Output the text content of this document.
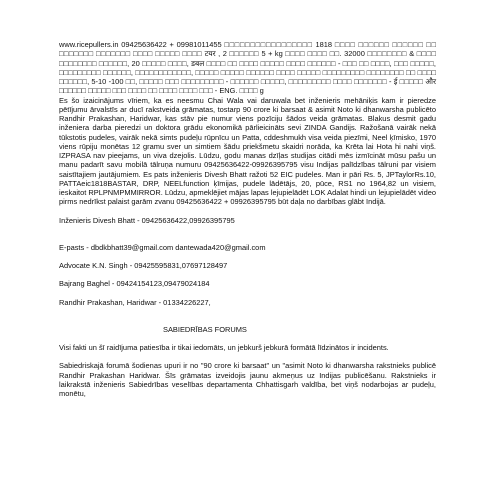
www.ricepullers.in 09425636422 + 09981011455 □□□□□□□□□□□□□□□□□ 1818 □□□□ □□□□□□ □□□□□□ □□ □□□□□□□ □□□□□□□ □□□□ □□□□□ □□□□ टयर , 2 □□□□□□ 5 + kg □□□□ □□□□ □□. 32000 □□□□□□□□ & □□□□ □□□□□□□□ □□□□□□, 20 □□□□□ □□□□, डबल □□□□ □□ □□□□ □□□□□ □□□□ □□□□□□ - □□□ □□ □□□□, □□□ □□□□□, □□□□□□□□□ □□□□□□, □□□□□□□□□□□□, □□□□□ □□□□□ □□□□□□ □□□□ □□□□□ □□□□□□□□□ □□□□□□□□ □□ □□□□ □□□□□□, 5-10 -100 □□, □□□□□ □□□ □□□□□□□□□ - □□□□□□ □□□□□, □□□□□□□□□ □□□□ □□□□□□□ - ई □□□□□ और □□□□□□ □□□□□ □□□ □□□□ □□ □□□□ □□□□ □□□ - ENG. □□□□ g

Es šo izaicinājums vīriem, ka es neesmu Chai Wala vai daruwala bet inženieris mehāniķis kam ir pieredze pētījumu ārvalstīs ar ducī rakstveida grāmatas, tostarp 90 crore ki barsaat & asimit Noto ki dhanwarsha publicēto Randhir Prakashan, Haridwar, kas stāv pie numur viens pozīciju šādos veida grāmatas. Blakus desmit gadu inženiera darba pieredzi un doktora grādu ekonomikā pārlieicināts sevi ZINDA Gandijs. Ražošanā vairāk nekā tūkstotis pudeles, vairāk nekā simts pudeļu rūpnīcu un Patta, cddeshmukh visa veida piezīmi, Neel ķīmisko, 1970 viens rūpiju monētas 12 gramu sver un simtiem šādu priekšmetu skaidri norāda, ka Krēta lai Hota hi nahi viņš. IZPRASA nav pieejams, un viva dzejolis. Lūdzu, godu manas dzīļas studijas citādi mēs izmīcināt mūsu pašu un manu padarīt savu mobilā tālruņa numuru 09425636422-09926395795 visu Indijas palīdzības tālruni par visiem saistītajiem jautājumiem. Es pats inženieris Divesh Bhatt ražoti 52 EIC pudeles. Man ir pāri Rs. 5, JPTaylorRs.10, PATTAeic1818BASTAR, DRP, NEELfunction ķīmijas, pudele lādētājs, 20, pūce, RS1 no 1964,82 un visiem, ieskaitot RPLPNMPMMIRROR. Lūdzu, apmeklējiet mājas lapas lejupielādēt LOK Adalat hindi un lejupielādēt video pirms nedrīkst palaist garām zvanu 09425636422 + 09926395795 būt daļa no darbības glābt Indijā.

Inženieris Divesh Bhatt - 09425636422,09926395795

E-pasts - dbdkbhatt39@gmail.com dantewada420@gmail.com

Advocate K.N. Singh - 09425595831,07697128497

Bajrang Baghel - 09424154123,09479024184

Randhir Prakashan, Haridwar - 01334226227,

SABIEDRĪBAS FORUMS

Visi fakti un šī raidījuma patiesība ir tikai iedomāts, un jebkurš jebkurā formātā līdzinātos ir incidents.

Sabiedriskajā forumā šodienas upuri ir no "90 crore ki barsaat" un "asimit Noto ki dhanwarsha rakstnieks publicē Randhir Prakashan Haridwar. Šīs grāmatas izveidojis jaunu akmeņus uz Indijas publicēšanu. Rakstnieks ir laikrakstā inženieris Sabiedrības veselības departamenta Chhattisgarh valdība, bet viņš nodarbojas ar pudeļu, monētu,
